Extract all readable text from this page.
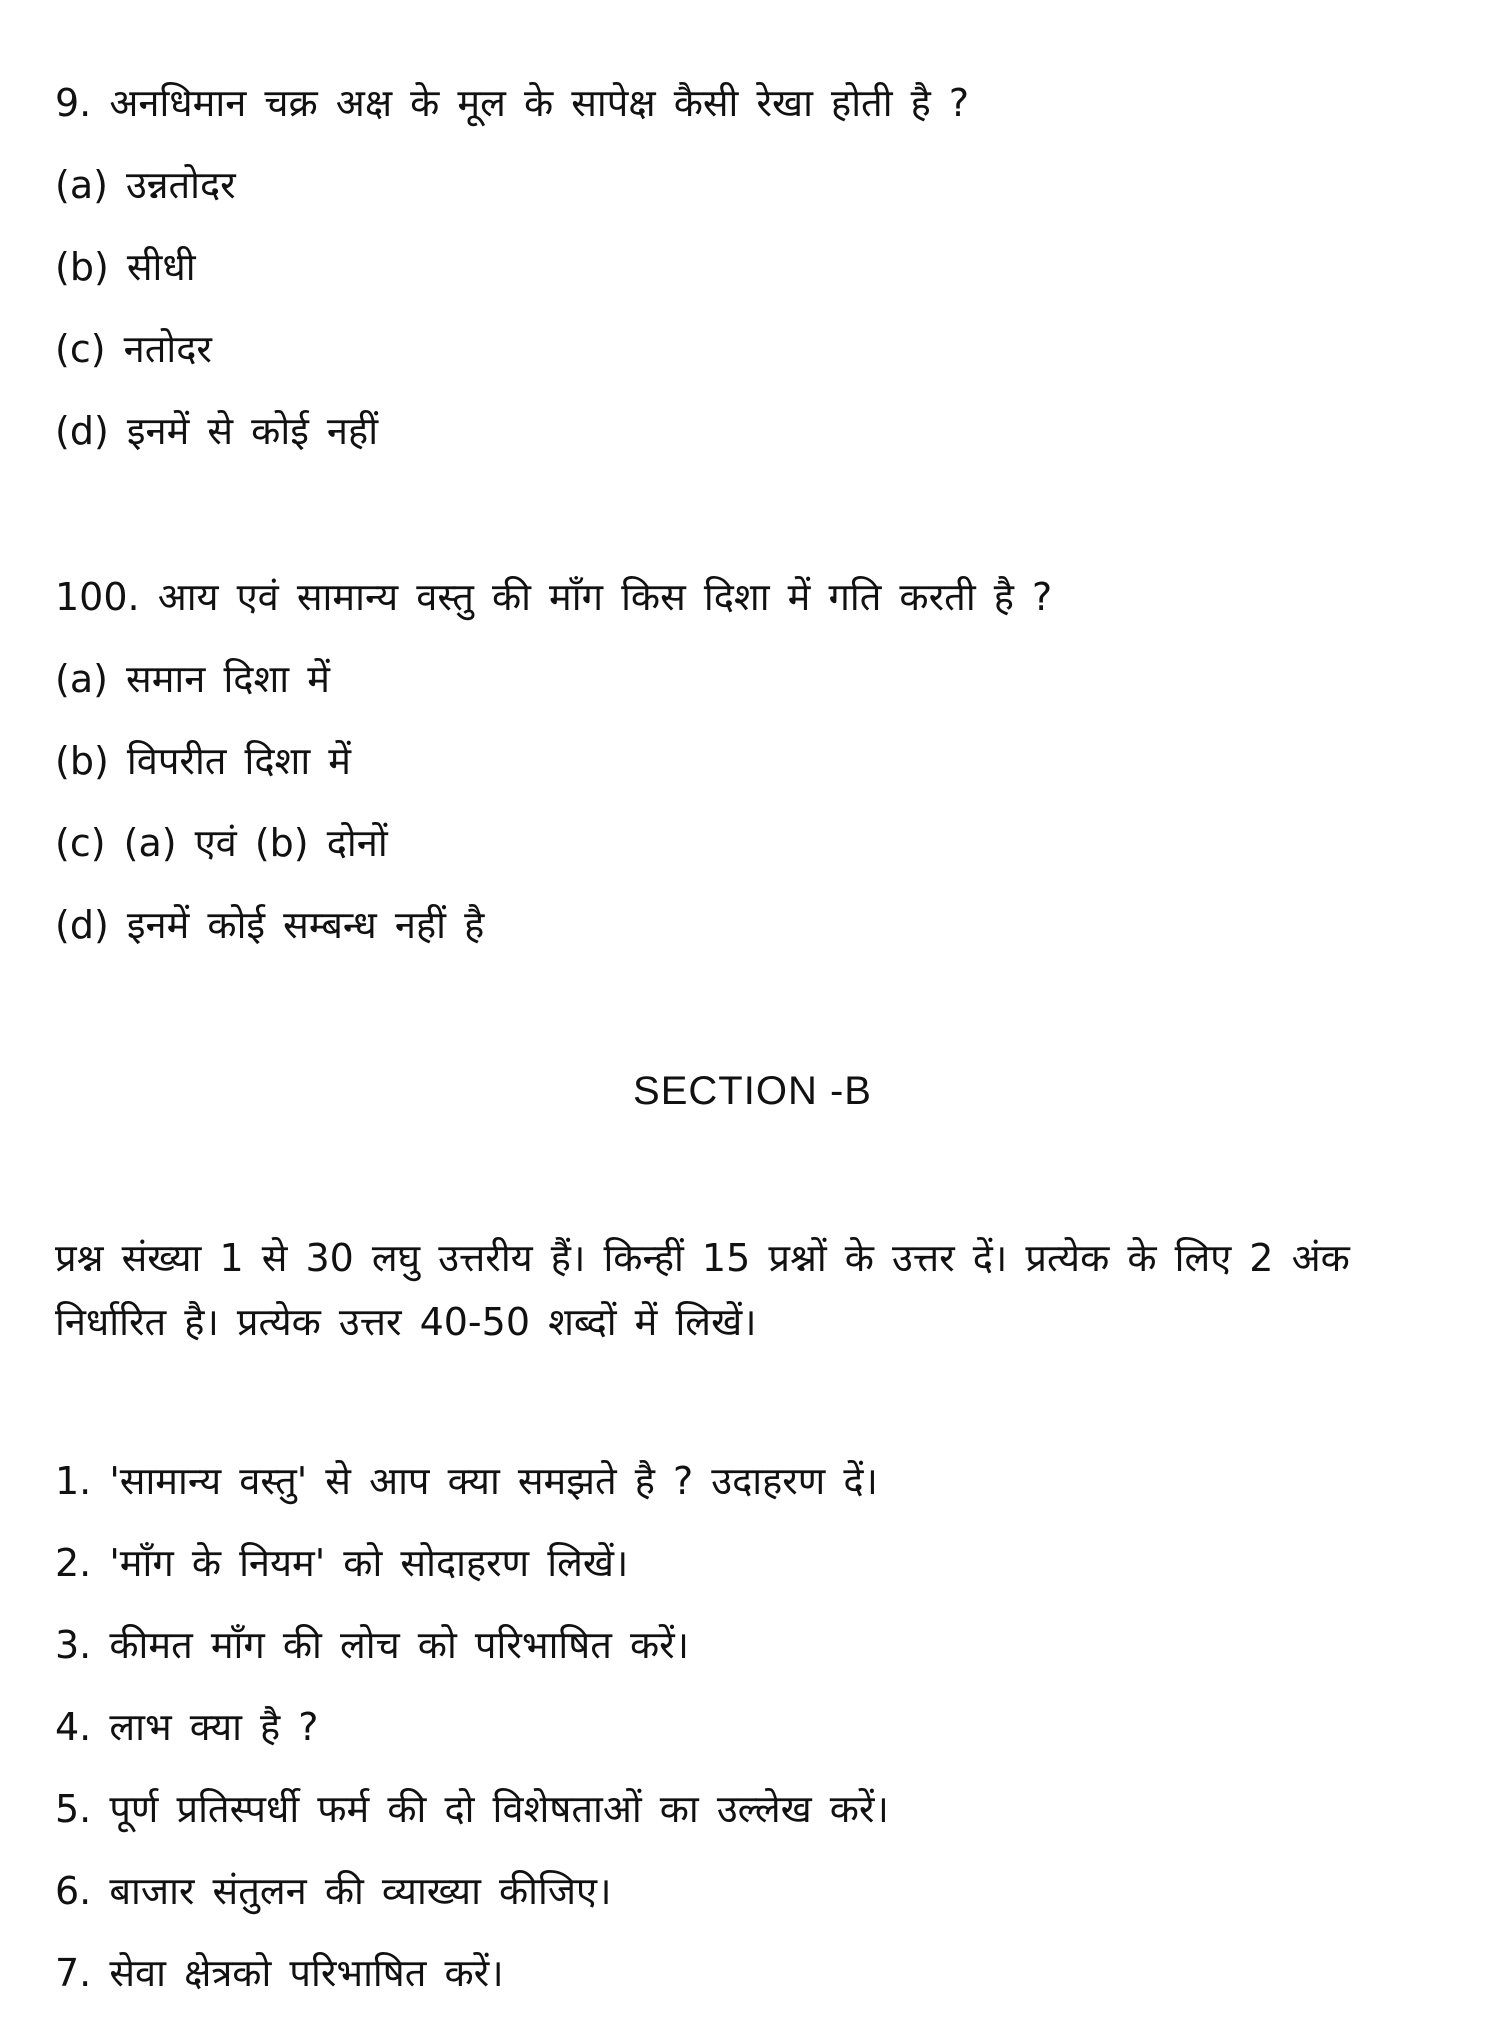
9. अनधिमान चक्र अक्ष के मूल के सापेक्ष कैसी रेखा होती है ?
(a) उन्नतोदर
(b) सीधी
(c) नतोदर
(d) इनमें से कोई नहीं
100. आय एवं सामान्य वस्तु की माँग किस दिशा में गति करती है ?
(a) समान दिशा में
(b) विपरीत दिशा में
(c) (a) एवं (b) दोनों
(d) इनमें कोई सम्बन्ध नहीं है
SECTION -B
प्रश्न संख्या 1 से 30 लघु उत्तरीय हैं। किन्हीं 15 प्रश्नों के उत्तर दें। प्रत्येक के लिए 2 अंक निर्धारित है। प्रत्येक उत्तर 40-50 शब्दों में लिखें।
1. 'सामान्य वस्तु' से आप क्या समझते है ? उदाहरण दें।
2. 'माँग के नियम' को सोदाहरण लिखें।
3. कीमत माँग की लोच को परिभाषित करें।
4. लाभ क्या है ?
5. पूर्ण प्रतिस्पर्धी फर्म की दो विशेषताओं का उल्लेख करें।
6. बाजार संतुलन की व्याख्या कीजिए।
7. सेवा क्षेत्रको परिभाषित करें।
